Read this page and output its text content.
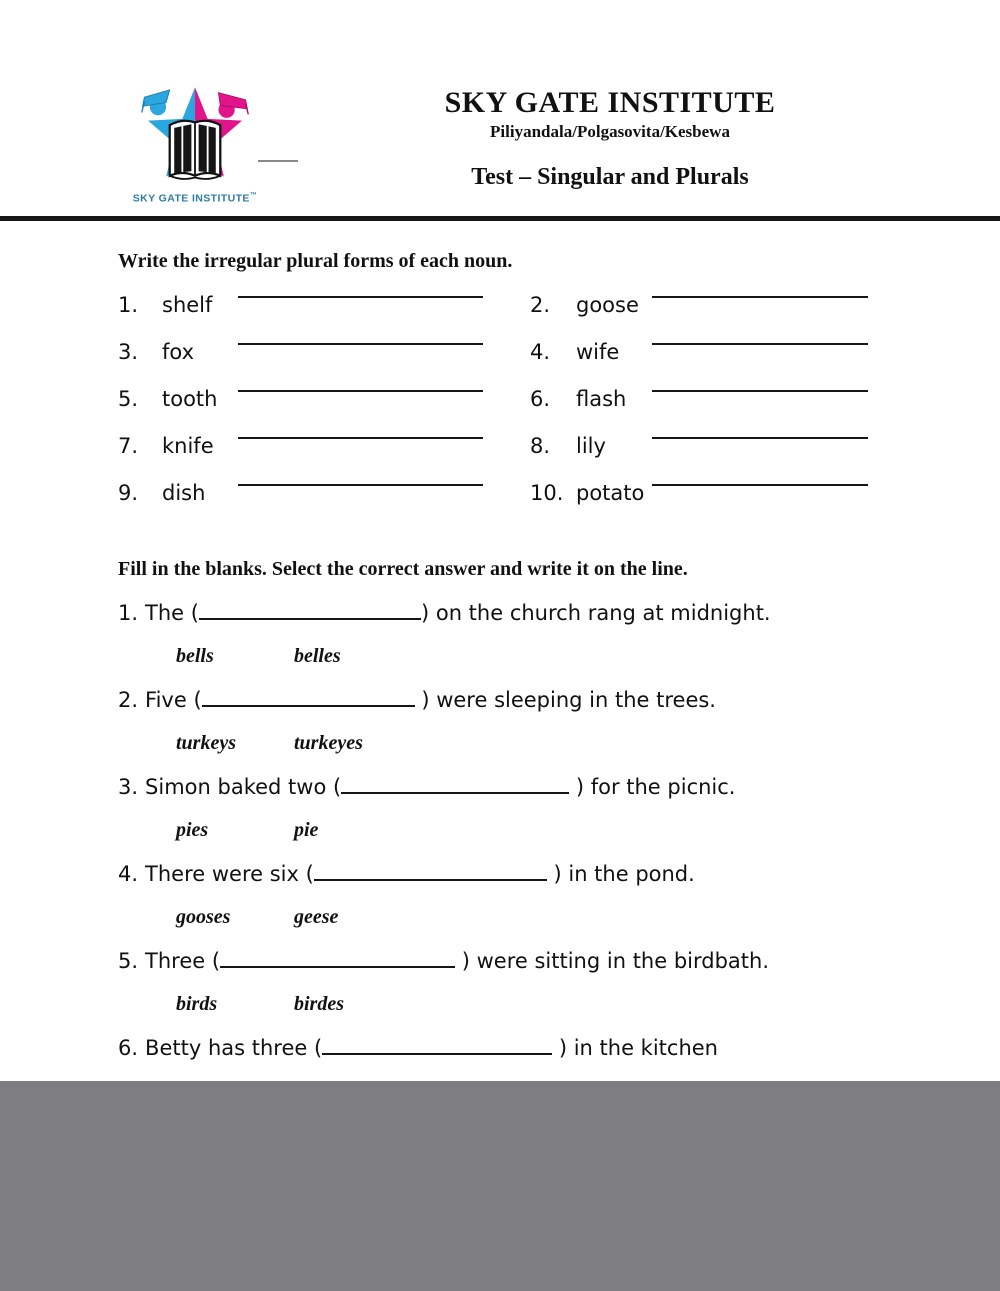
SKY GATE INSTITUTE™
SKY GATE INSTITUTE
Piliyandala/Polgasovita/Kesbewa
Test – Singular and Plurals
Write the irregular plural forms of each noun.
1.	shelf	2.	goose
3.	fox	4.	wife
5.	tooth	6.	flash
7.	knife	8.	lily
9.	dish	10. potato
Fill in the blanks. Select the correct answer and write it on the line.
1. The (	) on the church rang at midnight.
bells	belles
2. Five (	) were sleeping in the trees.
turkeys	turkeyes
3. Simon baked two (	) for the picnic.
pies	pie
4. There were six (	) in the pond.
gooses	geese
5. Three (	) were sitting in the birdbath.
birds	birdes
6. Betty has three (	) in the kitchen
